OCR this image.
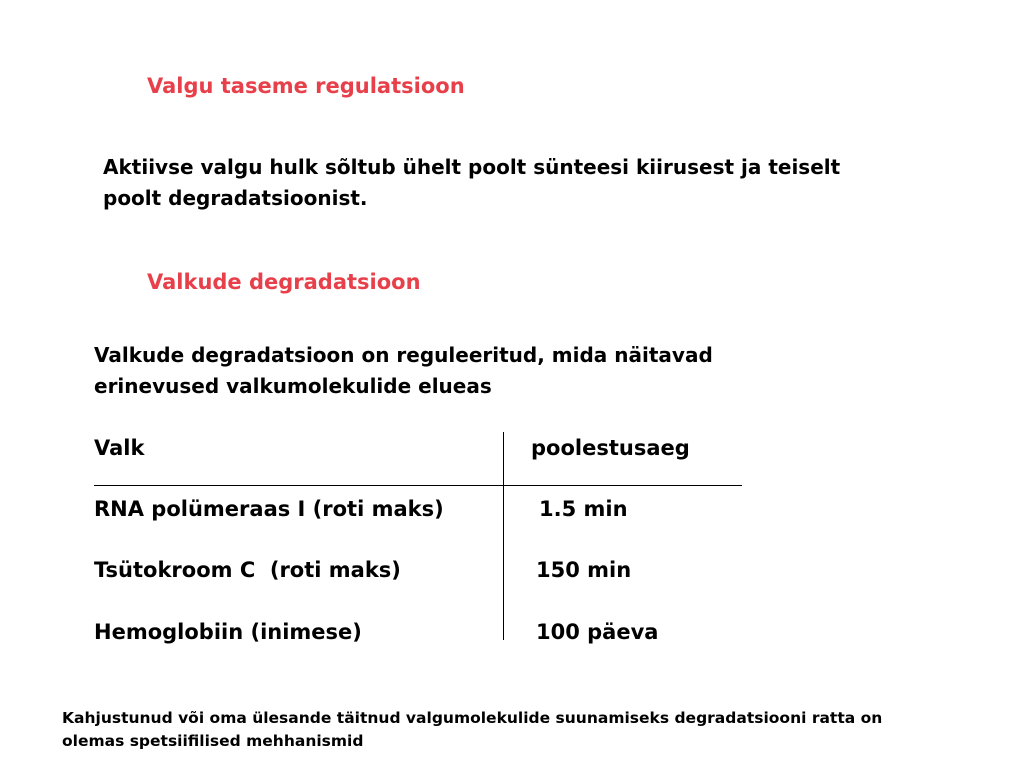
Valgu taseme regulatsioon
Aktiivse valgu hulk sõltub ühelt poolt sünteesi kiirusest ja teiselt poolt degradatsioonist.
Valkude degradatsioon
Valkude degradatsioon on reguleeritud, mida näitavad erinevused valkumolekulide elueas
Valk	poolestusaeg
RNA polümeraas I (roti maks)	1.5 min
Tsütokroom C  (roti maks)	150 min
Hemoglobiin (inimese)	100 päeva
Kahjustunud või oma ülesande täitnud valgumolekulide suunamiseks degradatsiooni ratta on olemas spetsiifilised mehhanismid
